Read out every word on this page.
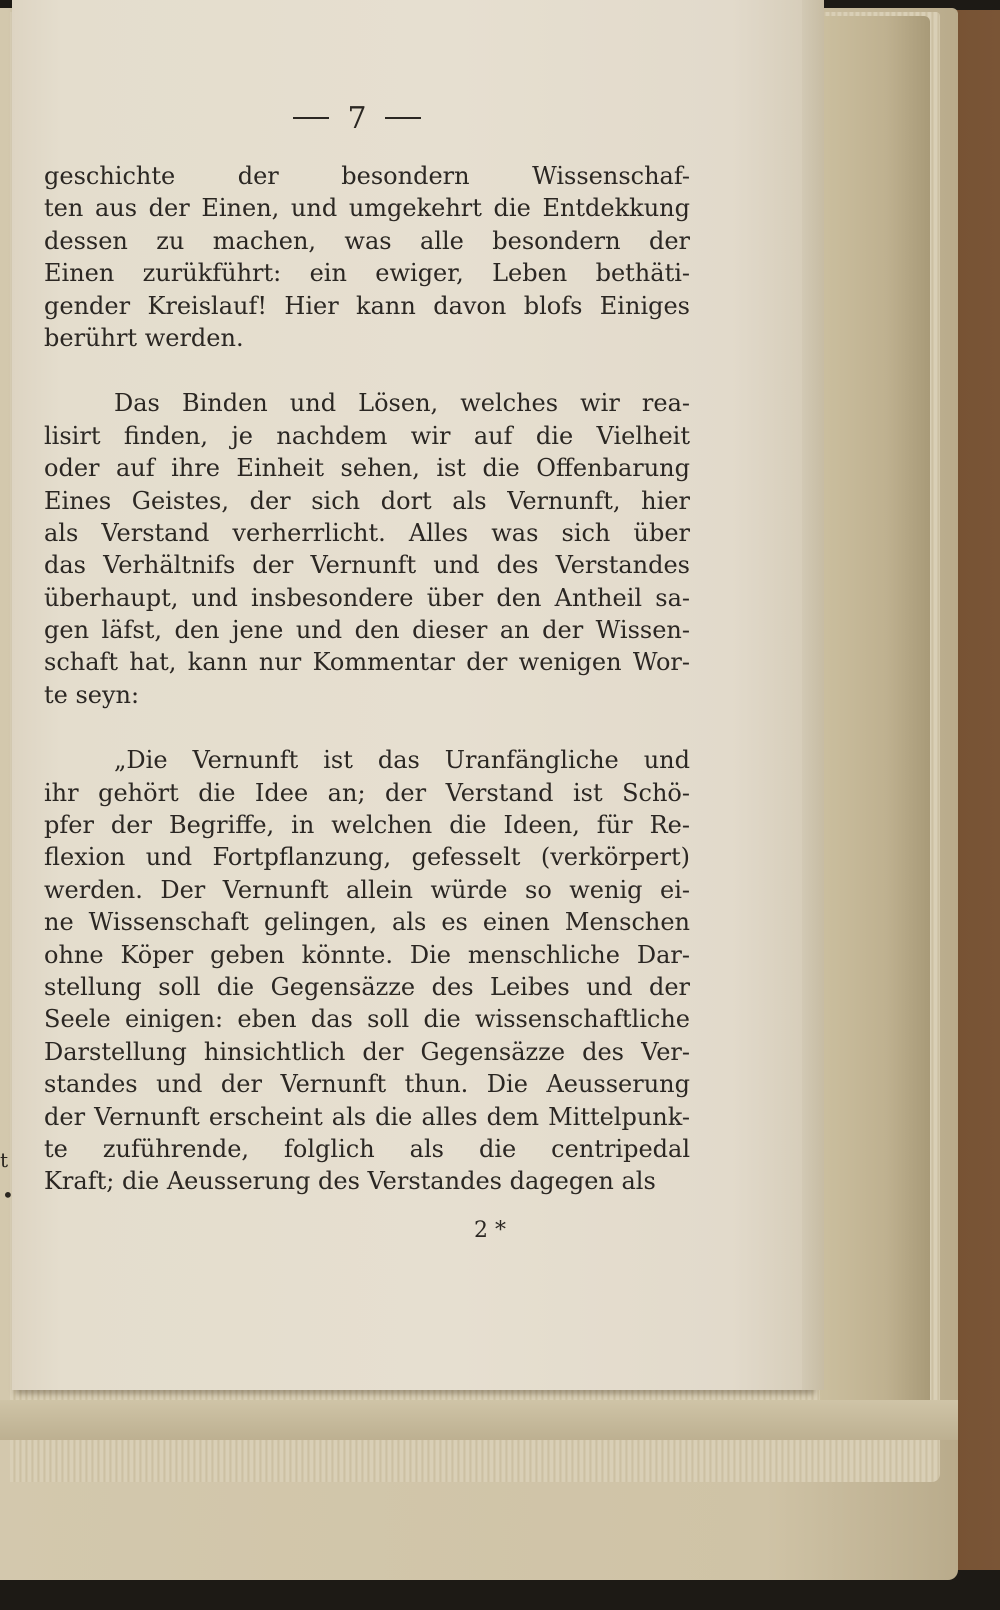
7
geschichte der besondern Wissenschaf-
ten aus der Einen, und umgekehrt die Entdekkung
dessen zu machen, was alle besondern der
Einen zurükführt: ein ewiger, Leben bethäti-
gender Kreislauf! Hier kann davon blofs Einiges
berührt werden.
Das Binden und Lösen, welches wir rea-
lisirt finden, je nachdem wir auf die Vielheit
oder auf ihre Einheit sehen, ist die Offenbarung
Eines Geistes, der sich dort als Vernunft, hier
als Verstand verherrlicht. Alles was sich über
das Verhältnifs der Vernunft und des Verstandes
überhaupt, und insbesondere über den Antheil sa-
gen läfst, den jene und den dieser an der Wissen-
schaft hat, kann nur Kommentar der wenigen Wor-
te seyn:
„Die Vernunft ist das Uranfängliche und
ihr gehört die Idee an; der Verstand ist Schö-
pfer der Begriffe, in welchen die Ideen, für Re-
flexion und Fortpflanzung, gefesselt (verkörpert)
werden. Der Vernunft allein würde so wenig ei-
ne Wissenschaft gelingen, als es einen Menschen
ohne Köper geben könnte. Die menschliche Dar-
stellung soll die Gegensäzze des Leibes und der
Seele einigen: eben das soll die wissenschaftliche
Darstellung hinsichtlich der Gegensäzze des Ver-
standes und der Vernunft thun. Die Aeusserung
der Vernunft erscheint als die alles dem Mittelpunk-
te zuführende, folglich als die centripedal
Kraft; die Aeusserung des Verstandes dagegen als
2 *
t
•
